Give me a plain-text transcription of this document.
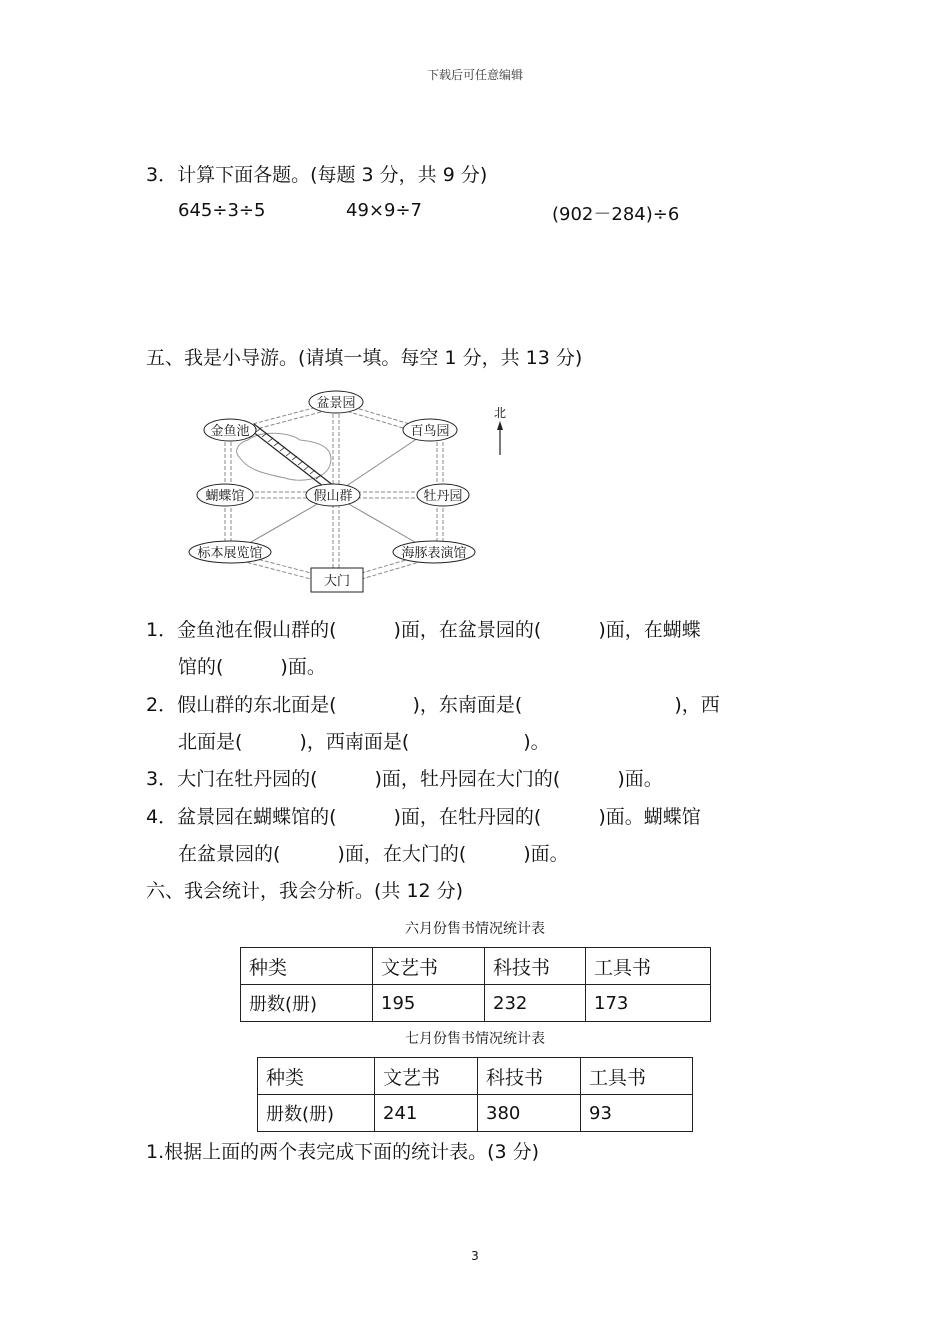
下载后可任意编辑
3．计算下面各题。(每题 3 分，共 9 分)
645÷3÷5	49×9÷7	(902－284)÷6
五、我是小导游。(请填一填。每空 1 分，共 13 分)
盆景园
金鱼池	百鸟园
蝴蝶馆	假山群	牡丹园
标本展览馆	海豚表演馆
大门
北
1．金鱼池在假山群的(　　　)面，在盆景园的(　　　)面，在蝴蝶
馆的(　　　)面。
2．假山群的东北面是(　　　　)，东南面是(　　　　　　　　)，西
北面是(　　　)，西南面是(　　　　　　)。
3．大门在牡丹园的(　　　)面，牡丹园在大门的(　　　)面。
4．盆景园在蝴蝶馆的(　　　)面，在牡丹园的(　　　)面。蝴蝶馆
在盆景园的(　　　)面，在大门的(　　　)面。
六、我会统计，我会分析。(共 12 分)
六月份售书情况统计表
种类	文艺书	科技书	工具书
册数(册)	195	232	173
七月份售书情况统计表
种类	文艺书	科技书	工具书
册数(册)	241	380	93
1.根据上面的两个表完成下面的统计表。(3 分)
3
